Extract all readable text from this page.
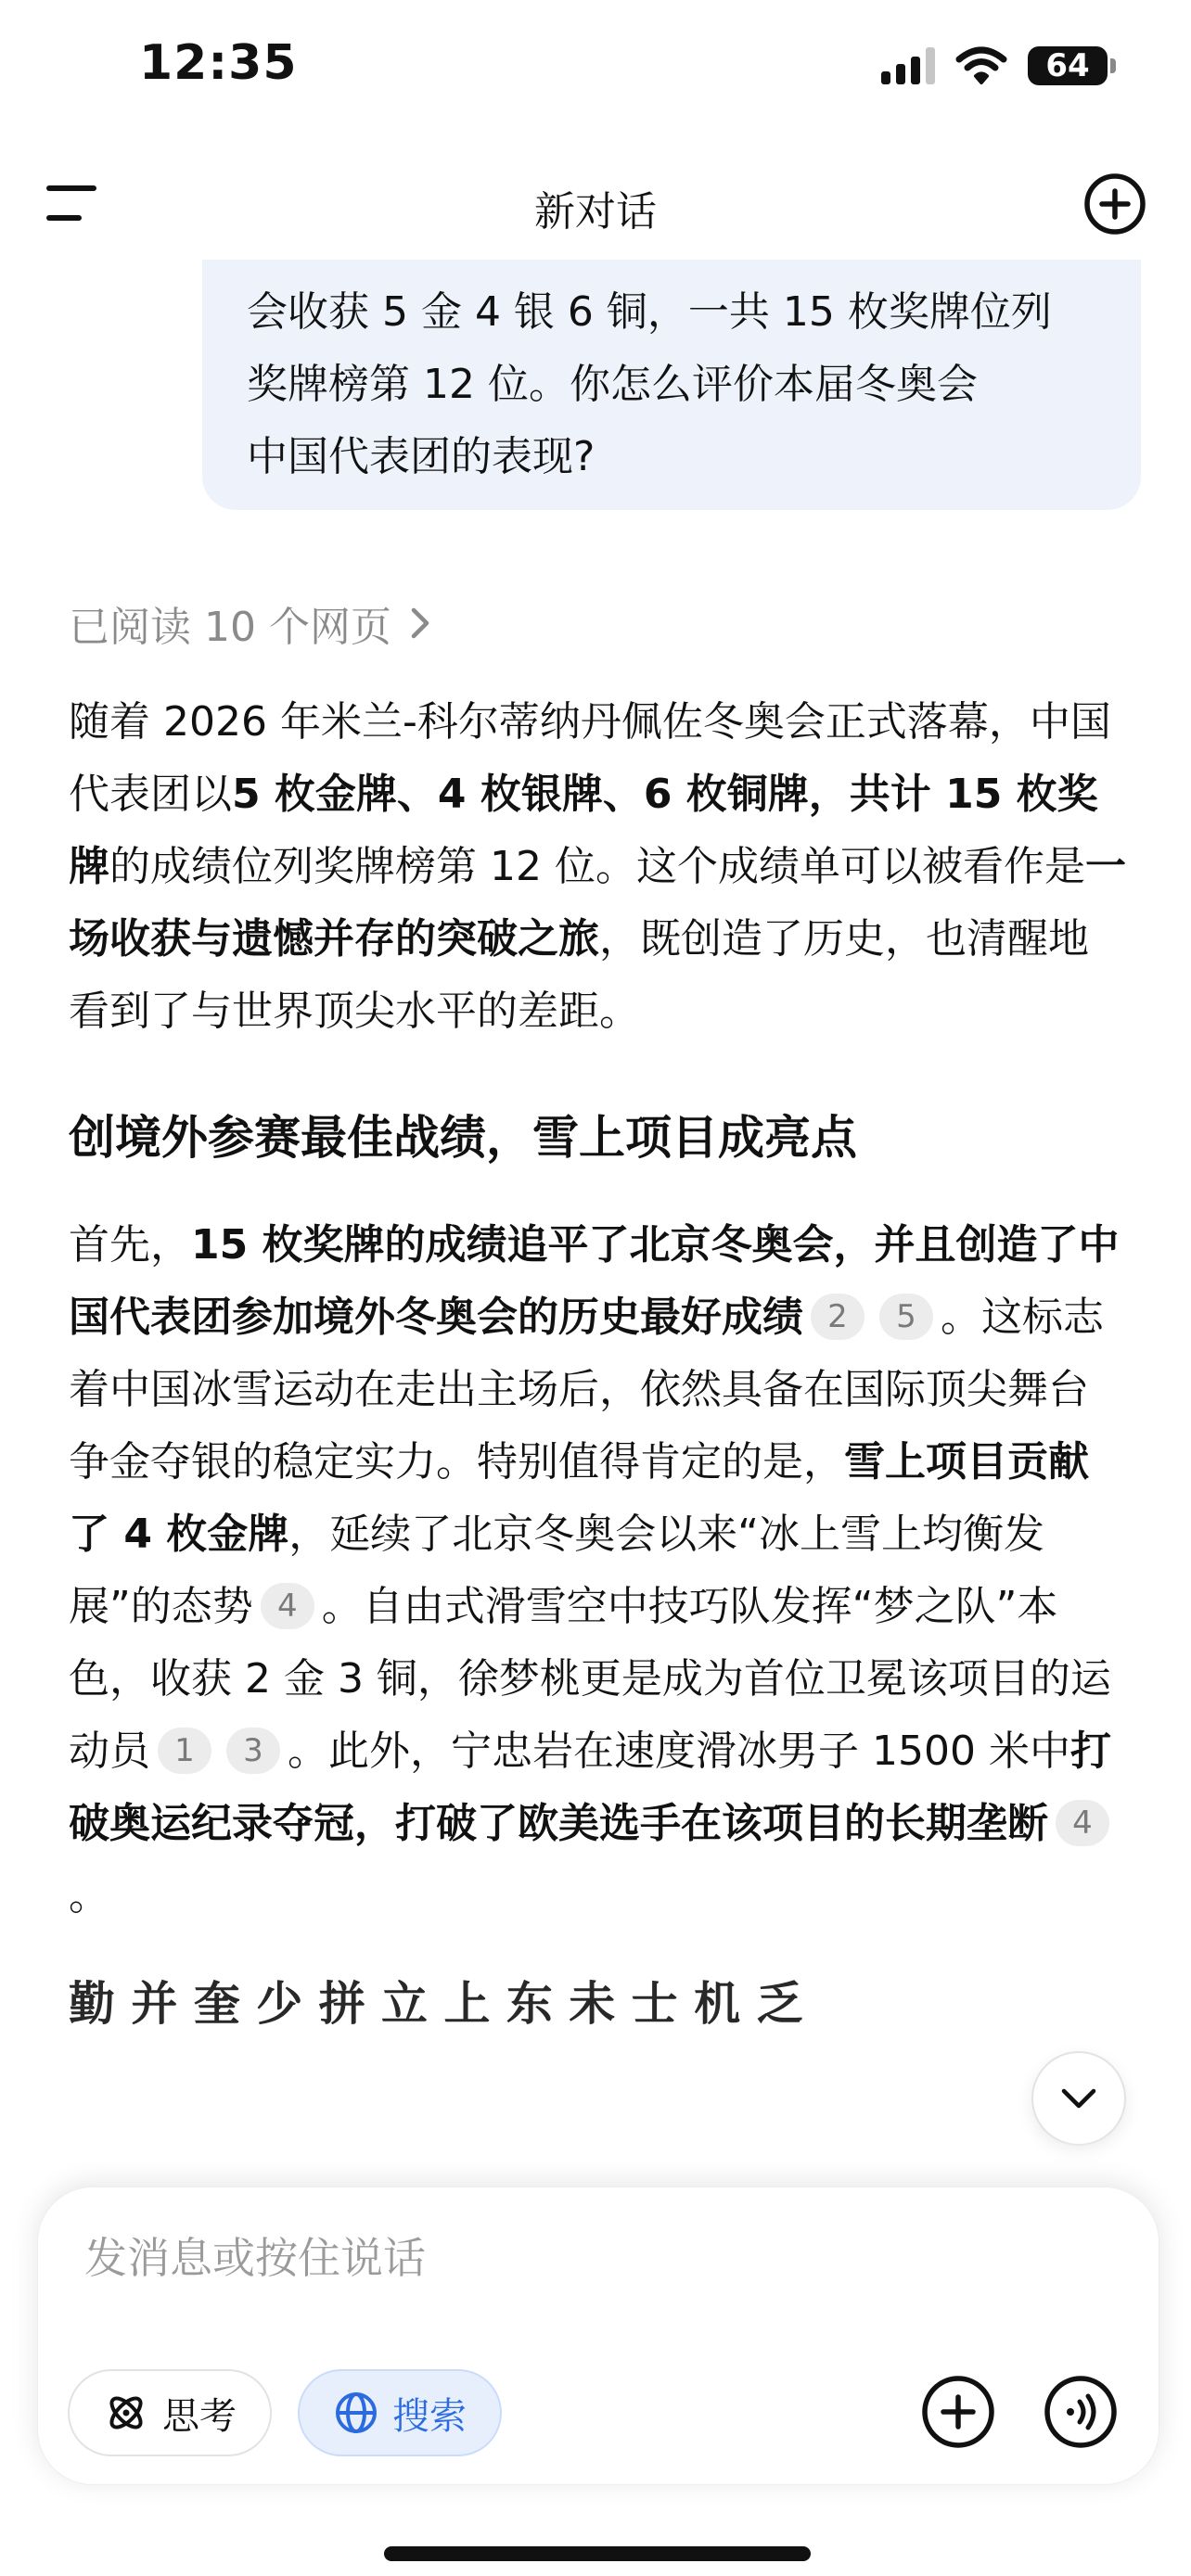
12:35	64
新对话

会收获 5 金 4 银 6 铜，一共 15 枚奖牌位列

奖牌榜第 12 位。你怎么评价本届冬奥会

中国代表团的表现?

已阅读 10 个网页

随着 2026 年米兰-科尔蒂纳丹佩佐冬奥会正式落幕，中国代表团以5 枚金牌、4 枚银牌、6 枚铜牌，共计 15 枚奖牌的成绩位列奖牌榜第 12 位。这个成绩单可以被看作是一场收获与遗憾并存的突破之旅，既创造了历史，也清醒地看到了与世界顶尖水平的差距。

创境外参赛最佳战绩，雪上项目成亮点

首先，15 枚奖牌的成绩追平了北京冬奥会，并且创造了中国代表团参加境外冬奥会的历史最好成绩 2 5 。这标志着中国冰雪运动在走出主场后，依然具备在国际顶尖舞台争金夺银的稳定实力。特别值得肯定的是，雪上项目贡献了 4 枚金牌，延续了北京冬奥会以来“冰上雪上均衡发展”的态势 4 。自由式滑雪空中技巧队发挥“梦之队”本色，收获 2 金 3 铜，徐梦桃更是成为首位卫冕该项目的运动员 1 3 。此外，宁忠岩在速度滑冰男子 1500 米中打破奥运纪录夺冠，打破了欧美选手在该项目的长期垄断 4。

勤 并 奎 少 拼 立 上 东 未 士 机 乏
发消息或按住说话
思考	搜索
